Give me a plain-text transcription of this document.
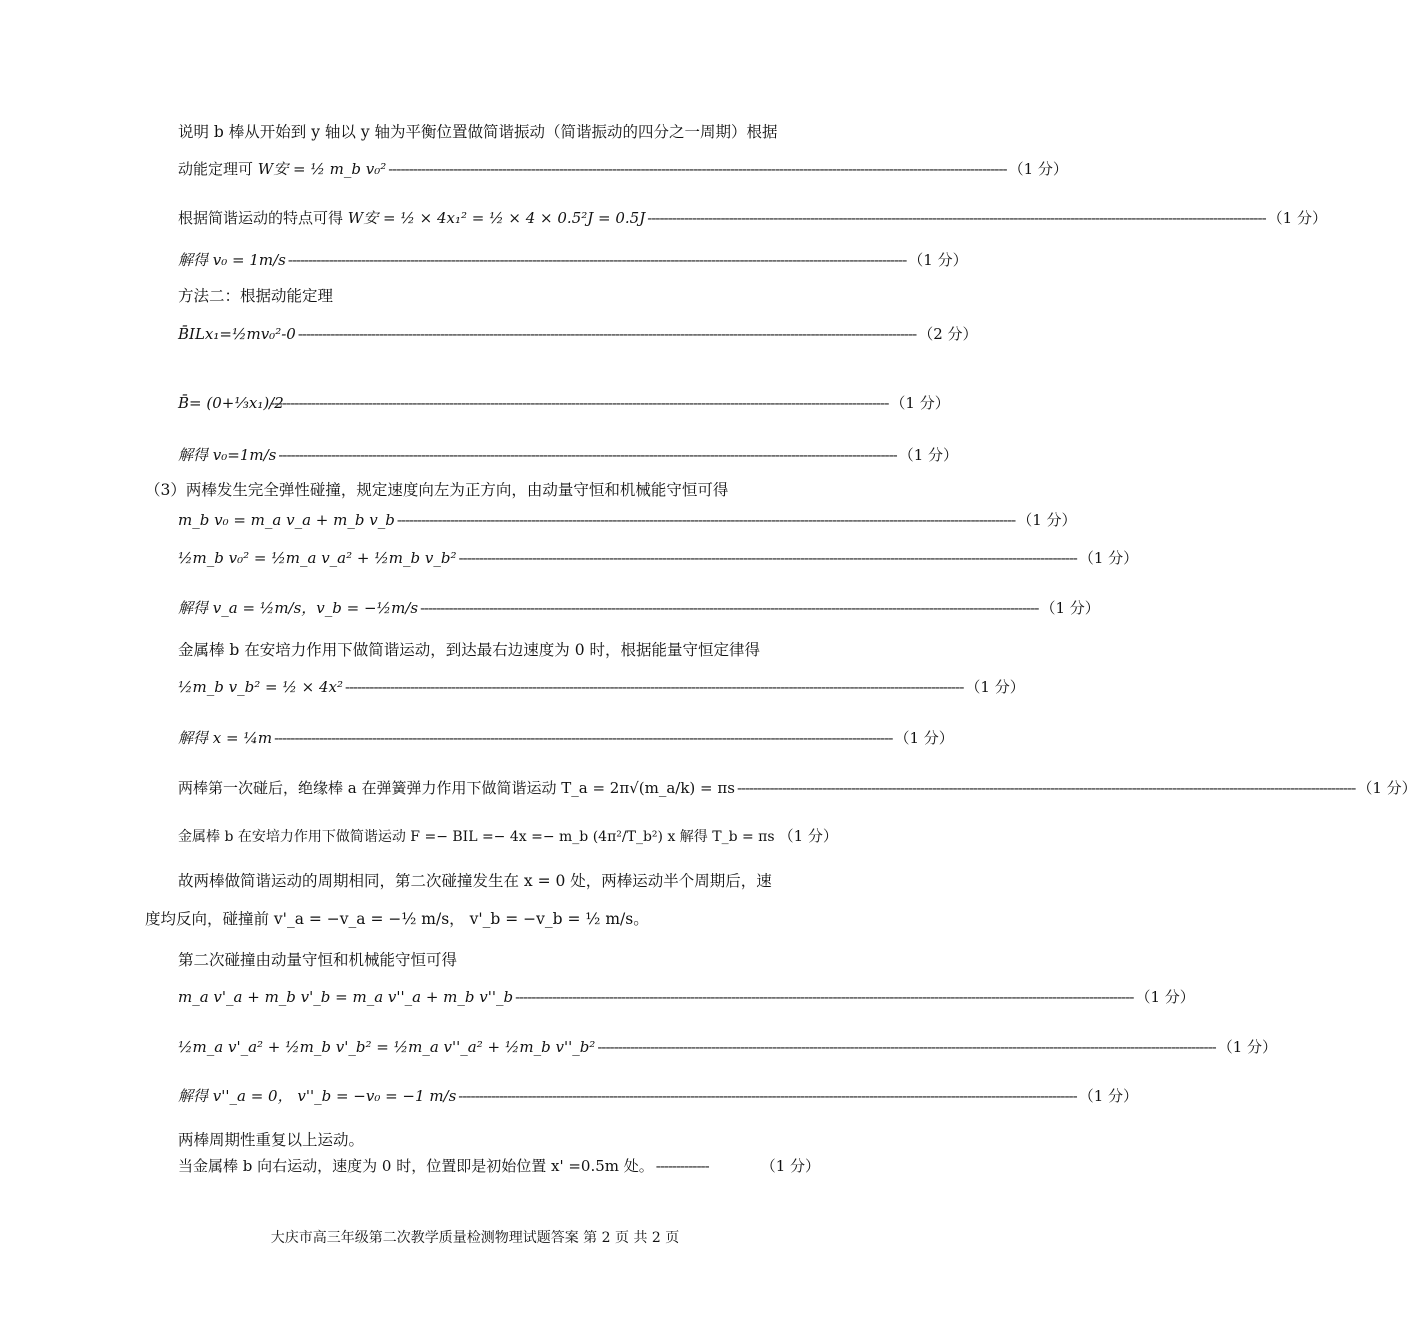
说明 b 棒从开始到 y 轴以 y 轴为平衡位置做简谐振动（简谐振动的四分之一周期）根据
动能定理可 W安 = ½ m_b v₀² -------------------------------------------------------------------------------------------------------------------------------------------------------- （1 分）
根据简谐运动的特点可得 W安 = ½ × 4x₁² = ½ × 4 × 0.5²J = 0.5J -------------------------------------------------------------------------------------------------------------------------------------------------------- （1 分）
解得 v₀ = 1m/s -------------------------------------------------------------------------------------------------------------------------------------------------------- （1 分）
方法二：根据动能定理
B̄ILx₁=½mv₀²-0 -------------------------------------------------------------------------------------------------------------------------------------------------------- （2 分）
B̄= (0+⅓x₁)/2
-------------------------------------------------------------------------------------------------------------------------------------------------------- （1 分）
解得 v₀=1m/s -------------------------------------------------------------------------------------------------------------------------------------------------------- （1 分）
（3）两棒发生完全弹性碰撞，规定速度向左为正方向，由动量守恒和机械能守恒可得
m_b v₀ = m_a v_a + m_b v_b -------------------------------------------------------------------------------------------------------------------------------------------------------- （1 分）
½m_b v₀² = ½m_a v_a² + ½m_b v_b² -------------------------------------------------------------------------------------------------------------------------------------------------------- （1 分）
解得 v_a = ½m/s，v_b = −½m/s -------------------------------------------------------------------------------------------------------------------------------------------------------- （1 分）
金属棒 b 在安培力作用下做简谐运动，到达最右边速度为 0 时，根据能量守恒定律得
½m_b v_b² = ½ × 4x² -------------------------------------------------------------------------------------------------------------------------------------------------------- （1 分）
解得 x = ¼m -------------------------------------------------------------------------------------------------------------------------------------------------------- （1 分）
两棒第一次碰后，绝缘棒 a 在弹簧弹力作用下做简谐运动 T_a = 2π√(m_a/k) = πs -------------------------------------------------------------------------------------------------------------------------------------------------------- （1 分）
金属棒 b 在安培力作用下做简谐运动 F =− BIL =− 4x =− m_b (4π²/T_b²) x 解得 T_b = πs （1 分）
故两棒做简谐运动的周期相同，第二次碰撞发生在 x = 0 处，两棒运动半个周期后，速
度均反向，碰撞前 v'_a = −v_a = −½ m/s， v'_b = −v_b = ½ m/s。
第二次碰撞由动量守恒和机械能守恒可得
m_a v'_a + m_b v'_b = m_a v''_a + m_b v''_b -------------------------------------------------------------------------------------------------------------------------------------------------------- （1 分）
½m_a v'_a² + ½m_b v'_b² = ½m_a v''_a² + ½m_b v''_b² -------------------------------------------------------------------------------------------------------------------------------------------------------- （1 分）
解得 v''_a = 0， v''_b = −v₀ = −1 m/s -------------------------------------------------------------------------------------------------------------------------------------------------------- （1 分）
两棒周期性重复以上运动。
当金属棒 b 向右运动，速度为 0 时，位置即是初始位置 x' =0.5m 处。 -------------	（1 分）
大庆市高三年级第二次教学质量检测物理试题答案 第 2 页 共 2 页
